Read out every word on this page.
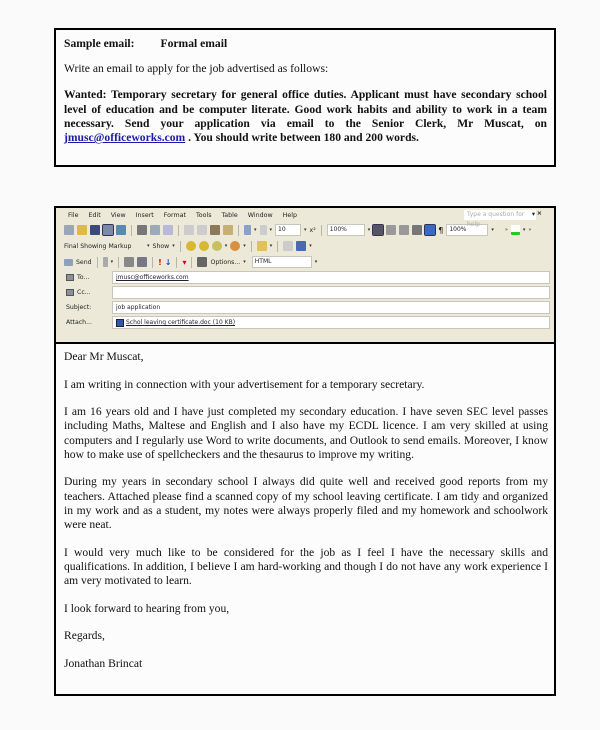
Sample email: Formal email
Write an email to apply for the job advertised as follows:
Wanted: Temporary secretary for general office duties. Applicant must have secondary school level of education and be computer literate. Good work habits and ability to work in a team necessary. Send your application via email to the Senior Clerk, Mr Muscat, on jmusc@officeworks.com . You should write between 180 and 200 words.
File Edit View Insert Format Tools Table Window Help	Type a question for help
▾ ×
▾	▾ 10	▾ x² 100%	▾	¶ 100%	▾ »	▾ »
Final Showing Markup	▾ Show ▾	▾	▾	▾	▾
Send	▾	! ↓ ▾	Options... ▾ HTML	▾
To...	jmusc@officeworks.com
Cc...
Subject:	job application
Attach...	Schol leaving certificate.doc (10 KB)

Dear Mr Muscat,

I am writing in connection with your advertisement for a temporary secretary.

I am 16 years old and I have just completed my secondary education. I have seven SEC level passes including Maths, Maltese and English and I also have my ECDL licence. I am very skilled at using computers and I regularly use Word to write documents, and Outlook to send emails. Moreover, I know how to make use of spellcheckers and the thesaurus to improve my writing.

During my years in secondary school I always did quite well and received good reports from my teachers. Attached please find a scanned copy of my school leaving certificate. I am tidy and organized in my work and as a student, my notes were always properly filed and my homework and schoolwork were neat.

I would very much like to be considered for the job as I feel I have the necessary skills and qualifications. In addition, I believe I am hard-working and though I do not have any work experience I am very motivated to learn.

I look forward to hearing from you,

Regards,

Jonathan Brincat
